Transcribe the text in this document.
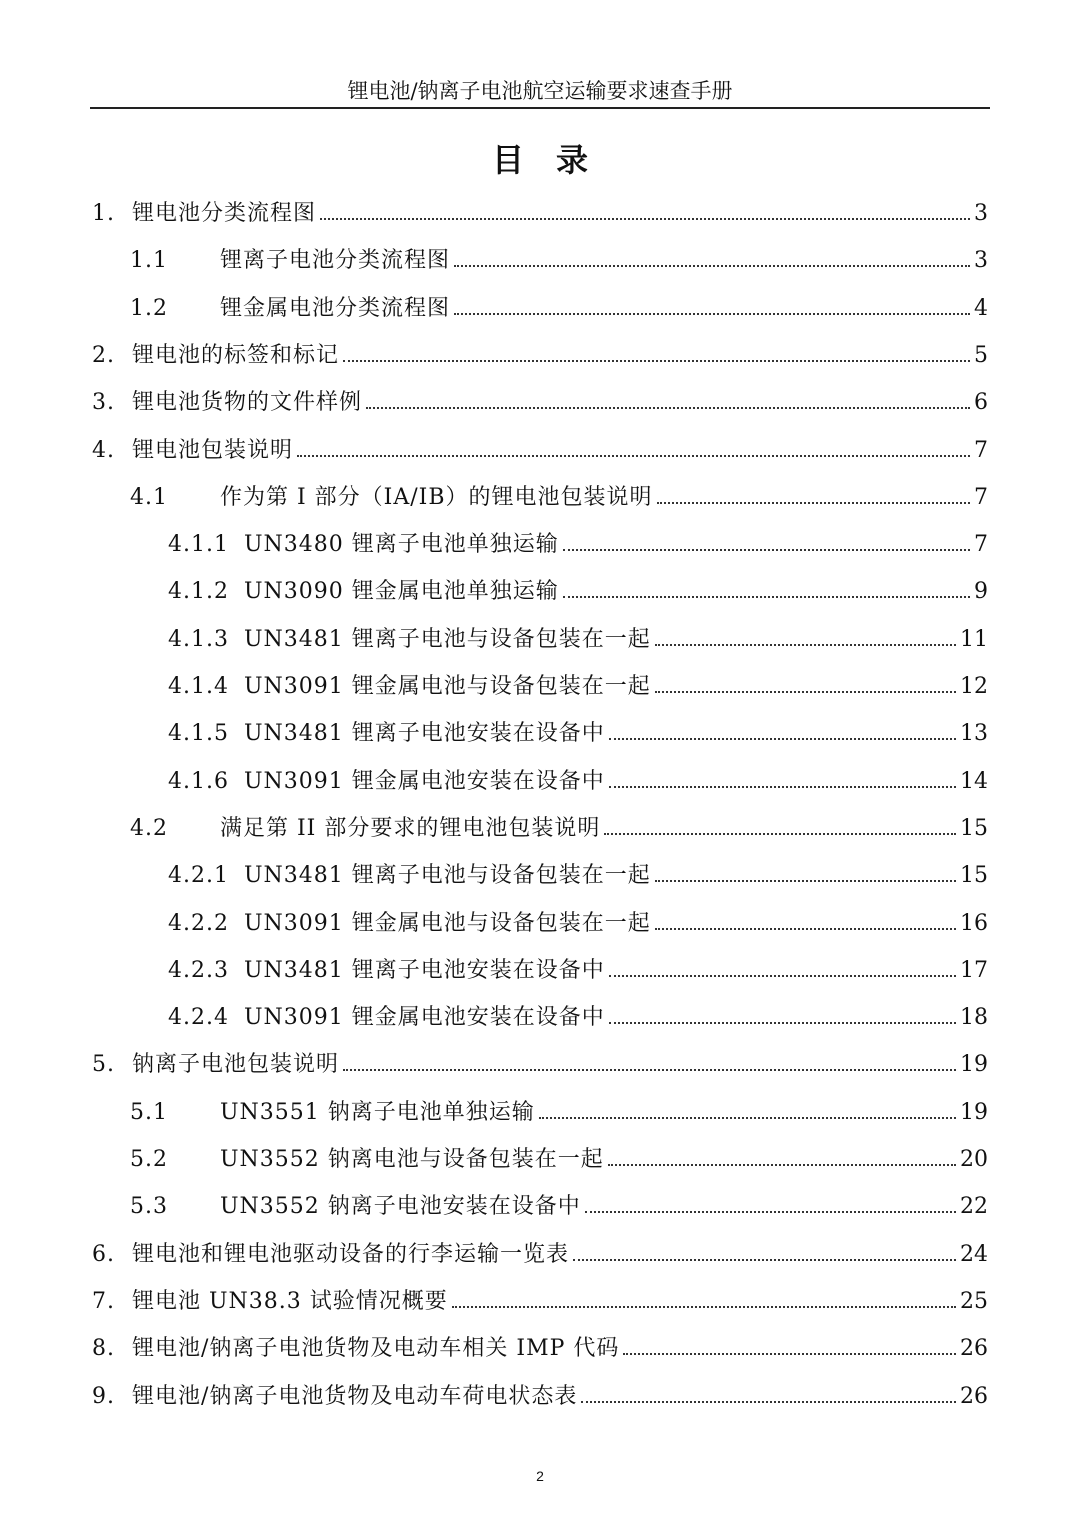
锂电池/钠离子电池航空运输要求速查手册
目　录
1. 锂电池分类流程图	3
1.1	锂离子电池分类流程图	3
1.2	锂金属电池分类流程图	4
2. 锂电池的标签和标记	5
3. 锂电池货物的文件样例	6
4. 锂电池包装说明	7
4.1	作为第 I 部分（IA/IB）的锂电池包装说明	7
4.1.1 UN3480 锂离子电池单独运输	7
4.1.2 UN3090 锂金属电池单独运输	9
4.1.3 UN3481 锂离子电池与设备包装在一起	11
4.1.4 UN3091 锂金属电池与设备包装在一起	12
4.1.5 UN3481 锂离子电池安装在设备中	13
4.1.6 UN3091 锂金属电池安装在设备中	14
4.2	满足第 II 部分要求的锂电池包装说明	15
4.2.1 UN3481 锂离子电池与设备包装在一起	15
4.2.2 UN3091 锂金属电池与设备包装在一起	16
4.2.3 UN3481 锂离子电池安装在设备中	17
4.2.4 UN3091 锂金属电池安装在设备中	18
5. 钠离子电池包装说明	19
5.1	UN3551 钠离子电池单独运输	19
5.2	UN3552 钠离电池与设备包装在一起	20
5.3	UN3552 钠离子电池安装在设备中	22
6. 锂电池和锂电池驱动设备的行李运输一览表	24
7. 锂电池 UN38.3 试验情况概要	25
8. 锂电池/钠离子电池货物及电动车相关 IMP 代码	26
9. 锂电池/钠离子电池货物及电动车荷电状态表	26
2
